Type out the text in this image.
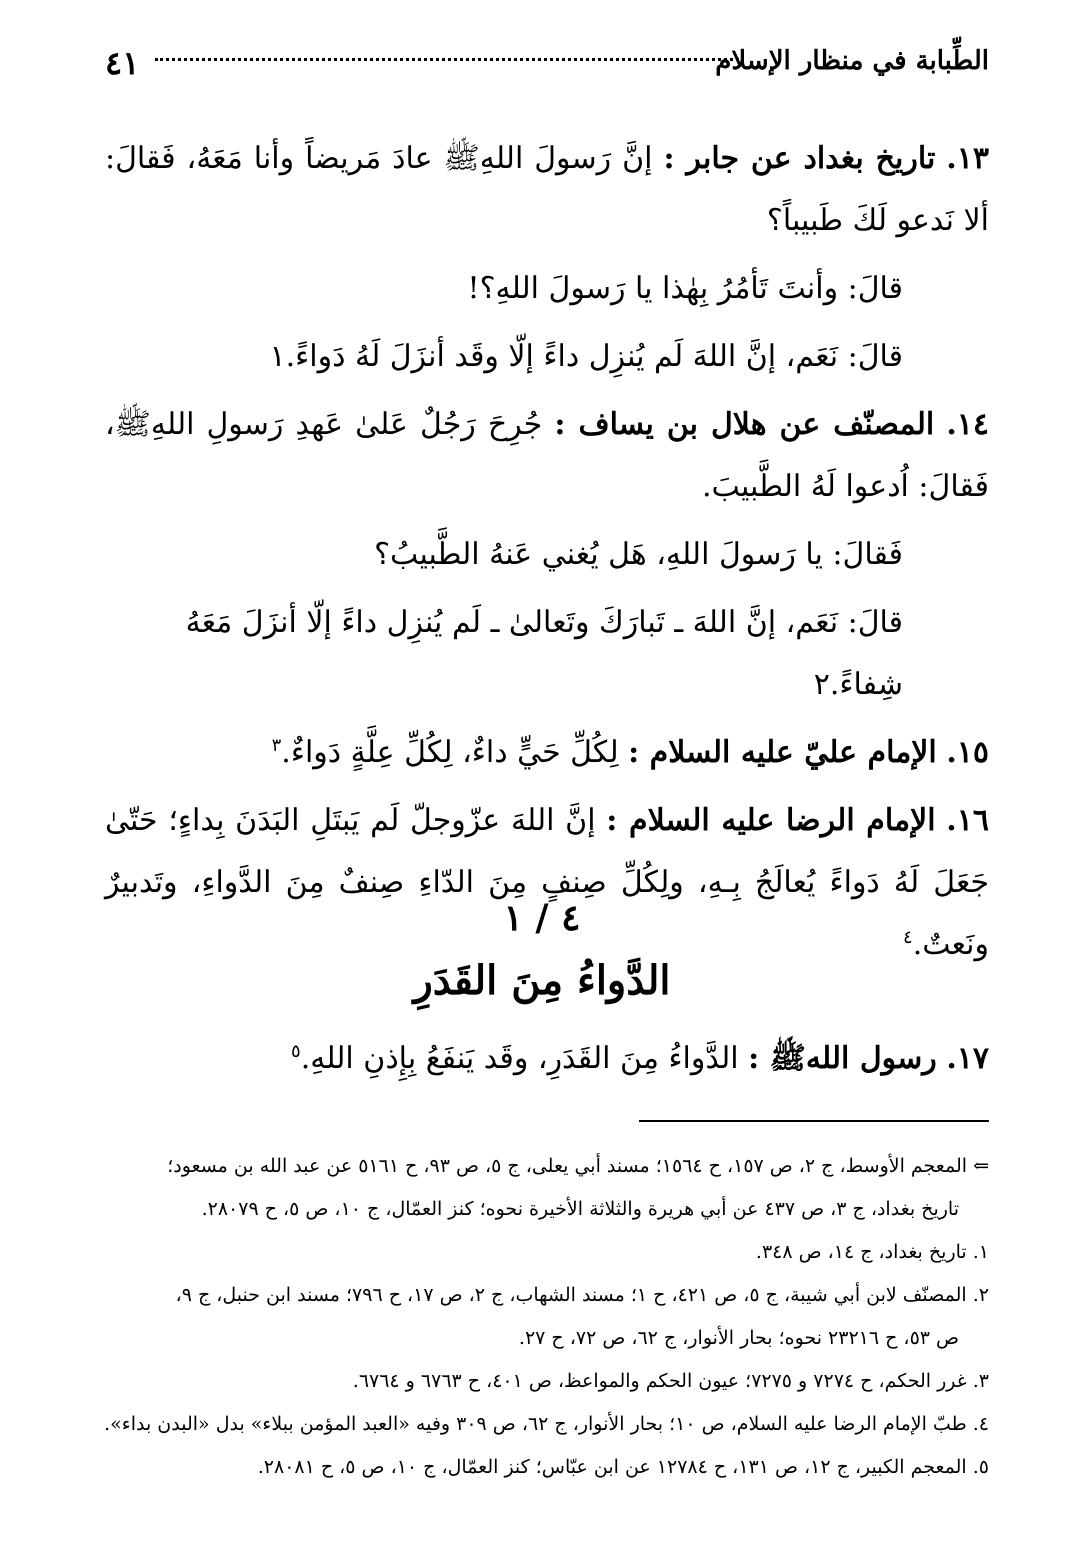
٤١	الطِّبابة في منظار الإسلام

١٣. تاريخ بغداد عن جابر : إنَّ رَسولَ اللهِﷺ عادَ مَريضاً وأنا مَعَهُ، فَقالَ: ألا نَدعو لَكَ طَبيباً؟

قالَ: وأنتَ تَأمُرُ بِهٰذا يا رَسولَ اللهِ؟!

قالَ: نَعَم، إنَّ اللهَ لَم يُنزِل داءً إلّا وقَد أنزَلَ لَهُ دَواءً.١

١٤. المصنّف عن هلال بن يساف : جُرِحَ رَجُلٌ عَلىٰ عَهدِ رَسولِ اللهِﷺ، فَقالَ: اُدعوا لَهُ الطَّبيبَ.

فَقالَ: يا رَسولَ اللهِ، هَل يُغني عَنهُ الطَّبيبُ؟

قالَ: نَعَم، إنَّ اللهَ ـ تَبارَكَ وتَعالىٰ ـ لَم يُنزِل داءً إلّا أنزَلَ مَعَهُ شِفاءً.٢

١٥. الإمام عليّ عليه السلام : لِكُلِّ حَيٍّ داءٌ، لِكُلِّ عِلَّةٍ دَواءٌ.$^٣$

١٦. الإمام الرضا عليه السلام : إنَّ اللهَ عزّوجلّ لَم يَبتَلِ البَدَنَ بِداءٍ؛ حَتّىٰ جَعَلَ لَهُ دَواءً يُعالَجُ بِـهِ، ولِكُلِّ صِنفٍ مِنَ الدّاءِ صِنفٌ مِنَ الدَّواءِ، وتَدبيرٌ ونَعتٌ.$^٤$

٤ / ١
الدَّواءُ مِنَ القَدَرِ

١٧. رسول اللهﷺ : الدَّواءُ مِنَ القَدَرِ، وقَد يَنفَعُ بِإِذنِ اللهِ.$^٥$

⇐ المعجم الأوسط، ج ٢، ص ١٥٧، ح ١٥٦٤؛ مسند أبي يعلى، ج ٥، ص ٩٣، ح ٥١٦١ عن عبد الله بن مسعود؛

تاريخ بغداد، ج ٣، ص ٤٣٧ عن أبي هريرة والثلاثة الأخيرة نحوه؛ كنز العمّال، ج ١٠، ص ٥، ح ٢٨٠٧٩.

١. تاريخ بغداد، ج ١٤، ص ٣٤٨.

٢. المصنّف لابن أبي شيبة، ج ٥، ص ٤٢١، ح ١؛ مسند الشهاب، ج ٢، ص ١٧، ح ٧٩٦؛ مسند ابن حنبل، ج ٩،

ص ٥٣، ح ٢٣٢١٦ نحوه؛ بحار الأنوار، ج ٦٢، ص ٧٢، ح ٢٧.

٣. غرر الحكم، ح ٧٢٧٤ و ٧٢٧٥؛ عيون الحكم والمواعظ، ص ٤٠١، ح ٦٧٦٣ و ٦٧٦٤.

٤. طبّ الإمام الرضا عليه السلام، ص ١٠؛ بحار الأنوار، ج ٦٢، ص ٣٠٩ وفيه «العبد المؤمن ببلاء» بدل «البدن بداء».

٥. المعجم الكبير، ج ١٢، ص ١٣١، ح ١٢٧٨٤ عن ابن عبّاس؛ كنز العمّال، ج ١٠، ص ٥، ح ٢٨٠٨١.
